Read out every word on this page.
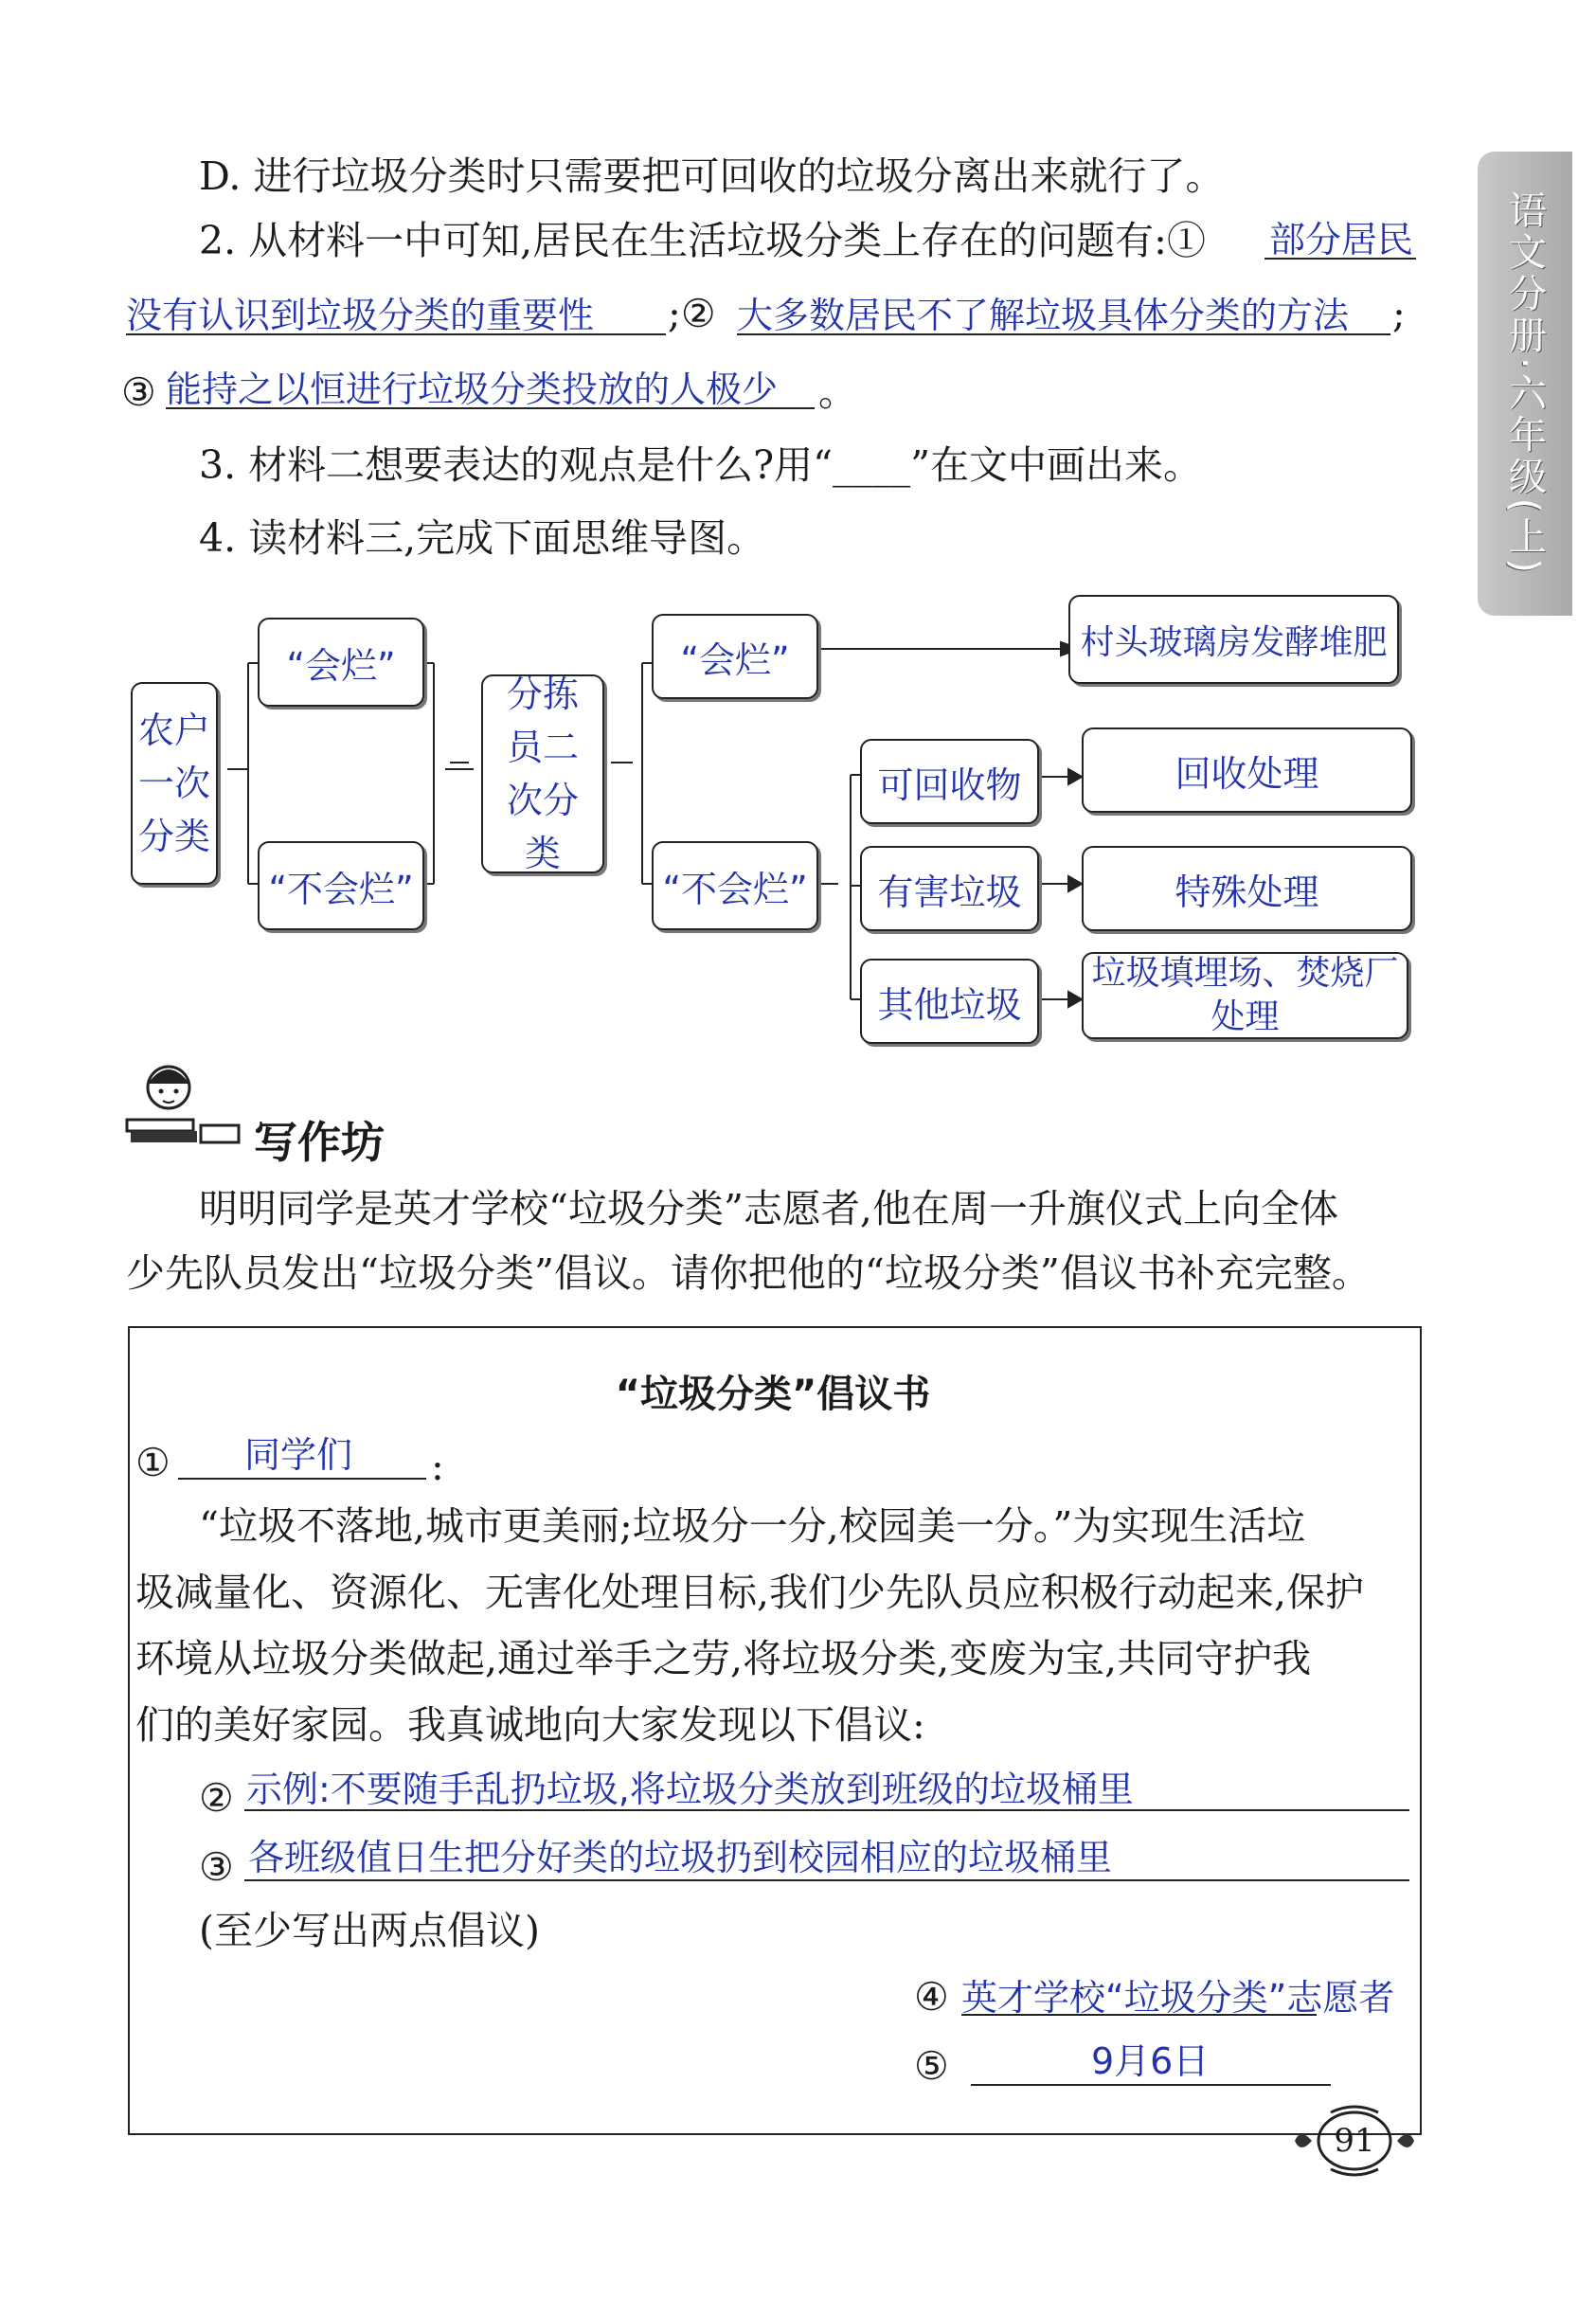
语文分册·六年级(上)
D. 进行垃圾分类时只需要把可回收的垃圾分离出来就行了。
2. 从材料一中可知,居民在生活垃圾分类上存在的问题有:① 部分居民
没有认识到垃圾分类的重要性 ;② 大多数居民不了解垃圾具体分类的方法 ;
③ 能持之以恒进行垃圾分类投放的人极少 。
3. 材料二想要表达的观点是什么?用“____”在文中画出来。
4. 读材料三,完成下面思维导图。
农户
一次
分类
“会烂”
“不会烂”
分拣
员二
次分
类
“会烂”
“不会烂”
村头玻璃房发酵堆肥
可回收物	回收处理
有害垃圾	特殊处理
其他垃圾
垃圾填埋场、焚烧厂处理
写作坊
明明同学是英才学校“垃圾分类”志愿者,他在周一升旗仪式上向全体
少先队员发出“垃圾分类”倡议。请你把他的“垃圾分类”倡议书补充完整。
“垃圾分类”倡议书
① 同学们 :
“垃圾不落地,城市更美丽;垃圾分一分,校园美一分。”为实现生活垃
圾减量化、资源化、无害化处理目标,我们少先队员应积极行动起来,保护
环境从垃圾分类做起,通过举手之劳,将垃圾分类,变废为宝,共同守护我
们的美好家园。我真诚地向大家发现以下倡议:
② 示例:不要随手乱扔垃圾,将垃圾分类放到班级的垃圾桶里
③ 各班级值日生把分好类的垃圾扔到校园相应的垃圾桶里
(至少写出两点倡议)
④ 英才学校“垃圾分类”志愿者
⑤	9月6日
91
